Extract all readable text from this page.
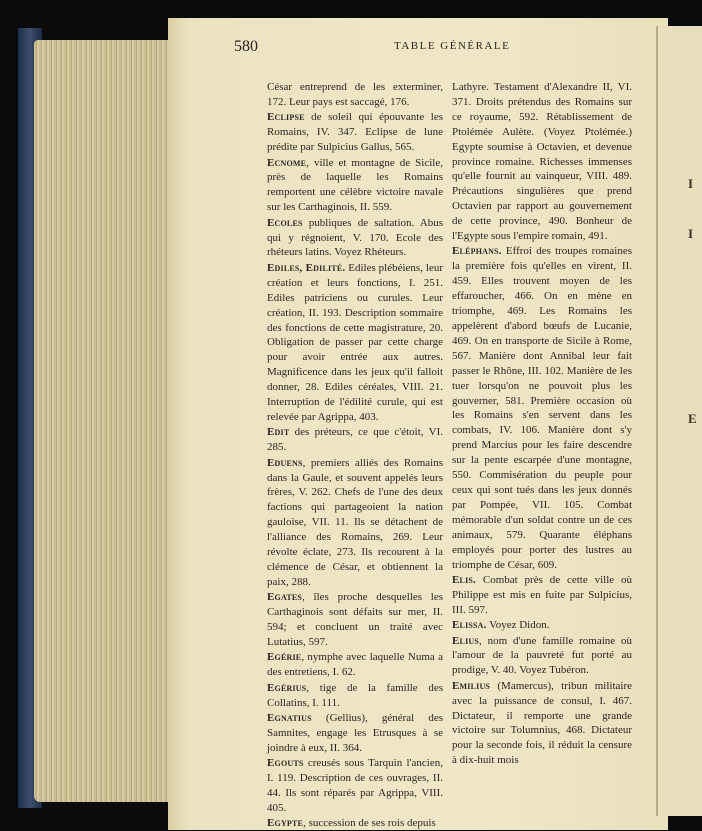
I
I
E
580	TABLE GÉNÉRALE
César entreprend de les exterminer, 172. Leur pays est saccagé, 176.
Eclipse de soleil qui épouvante les Romains, IV. 347. Eclipse de lune prédite par Sulpicius Gallus, 565.
Ecnome, ville et montagne de Sicile, près de laquelle les Romains remportent une célèbre victoire navale sur les Carthaginois, II. 559.
Ecoles publiques de saltation. Abus qui y régnoient, V. 170. Ecole des rhéteurs latins. Voyez Rhéteurs.
Ediles, Edilité. Ediles plébéiens, leur création et leurs fonctions, I. 251. Ediles patriciens ou curules. Leur création, II. 193. Description sommaire des fonctions de cette magistrature, 20. Obligation de passer par cette charge pour avoir entrée aux autres. Magnificence dans les jeux qu'il falloit donner, 28. Ediles céréales, VIII. 21. Interruption de l'édilité curule, qui est relevée par Agrippa, 403.
Edit des préteurs, ce que c'étoit, VI. 285.
Eduens, premiers alliés des Romains dans la Gaule, et souvent appelés leurs frères, V. 262. Chefs de l'une des deux factions qui partageoient la nation gauloise, VII. 11. Ils se détachent de l'alliance des Romains, 269. Leur révolte éclate, 273. Ils recourent à la clémence de César, et obtiennent la paix, 288.
Egates, îles proche desquelles les Carthaginois sont défaits sur mer, II. 594; et concluent un traité avec Lutatius, 597.
Egérie, nymphe avec laquelle Numa a des entretiens, I. 62.
Egérius, tige de la famille des Collatins, I. 111.
Egnatius (Gellius), général des Samnites, engage les Etrusques à se joindre à eux, II. 364.
Egouts creusés sous Tarquin l'ancien, I. 119. Description de ces ouvrages, II. 44. Ils sont réparés par Agrippa, VIII. 405.
Egypte, succession de ses rois depuis
Lathyre. Testament d'Alexandre II, VI. 371. Droits prétendus des Romains sur ce royaume, 592. Rétablissement de Ptolémée Aulète. (Voyez Ptolémée.) Egypte soumise à Octavien, et devenue province romaine. Richesses immenses qu'elle fournit au vainqueur, VIII. 489. Précautions singulières que prend Octavien par rapport au gouvernement de cette province, 490. Bonheur de l'Egypte sous l'empire romain, 491.
Eléphans. Effroi des troupes romaines la première fois qu'elles en virent, II. 459. Elles trouvent moyen de les effaroucher, 466. On en mène en triomphe, 469. Les Romains les appelèrent d'abord bœufs de Lucanie, 469. On en transporte de Sicile à Rome, 567. Manière dont Annibal leur fait passer le Rhône, III. 102. Manière de les tuer lorsqu'on ne pouvoit plus les gouverner, 581. Première occasion où les Romains s'en servent dans les combats, IV. 106. Manière dont s'y prend Marcius pour les faire descendre sur la pente escarpée d'une montagne, 550. Commisération du peuple pour ceux qui sont tués dans les jeux donnés par Pompée, VII. 105. Combat mémorable d'un soldat contre un de ces animaux, 579. Quarante éléphans employés pour porter des lustres au triomphe de César, 609.
Elis. Combat près de cette ville où Philippe est mis en fuite par Sulpicius, III. 597.
Elissa. Voyez Didon.
Elius, nom d'une famille romaine où l'amour de la pauvreté fut porté au prodige, V. 40. Voyez Tubéron.
Emilius (Mamercus), tribun militaire avec la puissance de consul, I. 467. Dictateur, il remporte une grande victoire sur Tolumnius, 468. Dictateur pour la seconde fois, il réduit la censure à dix-huit mois
